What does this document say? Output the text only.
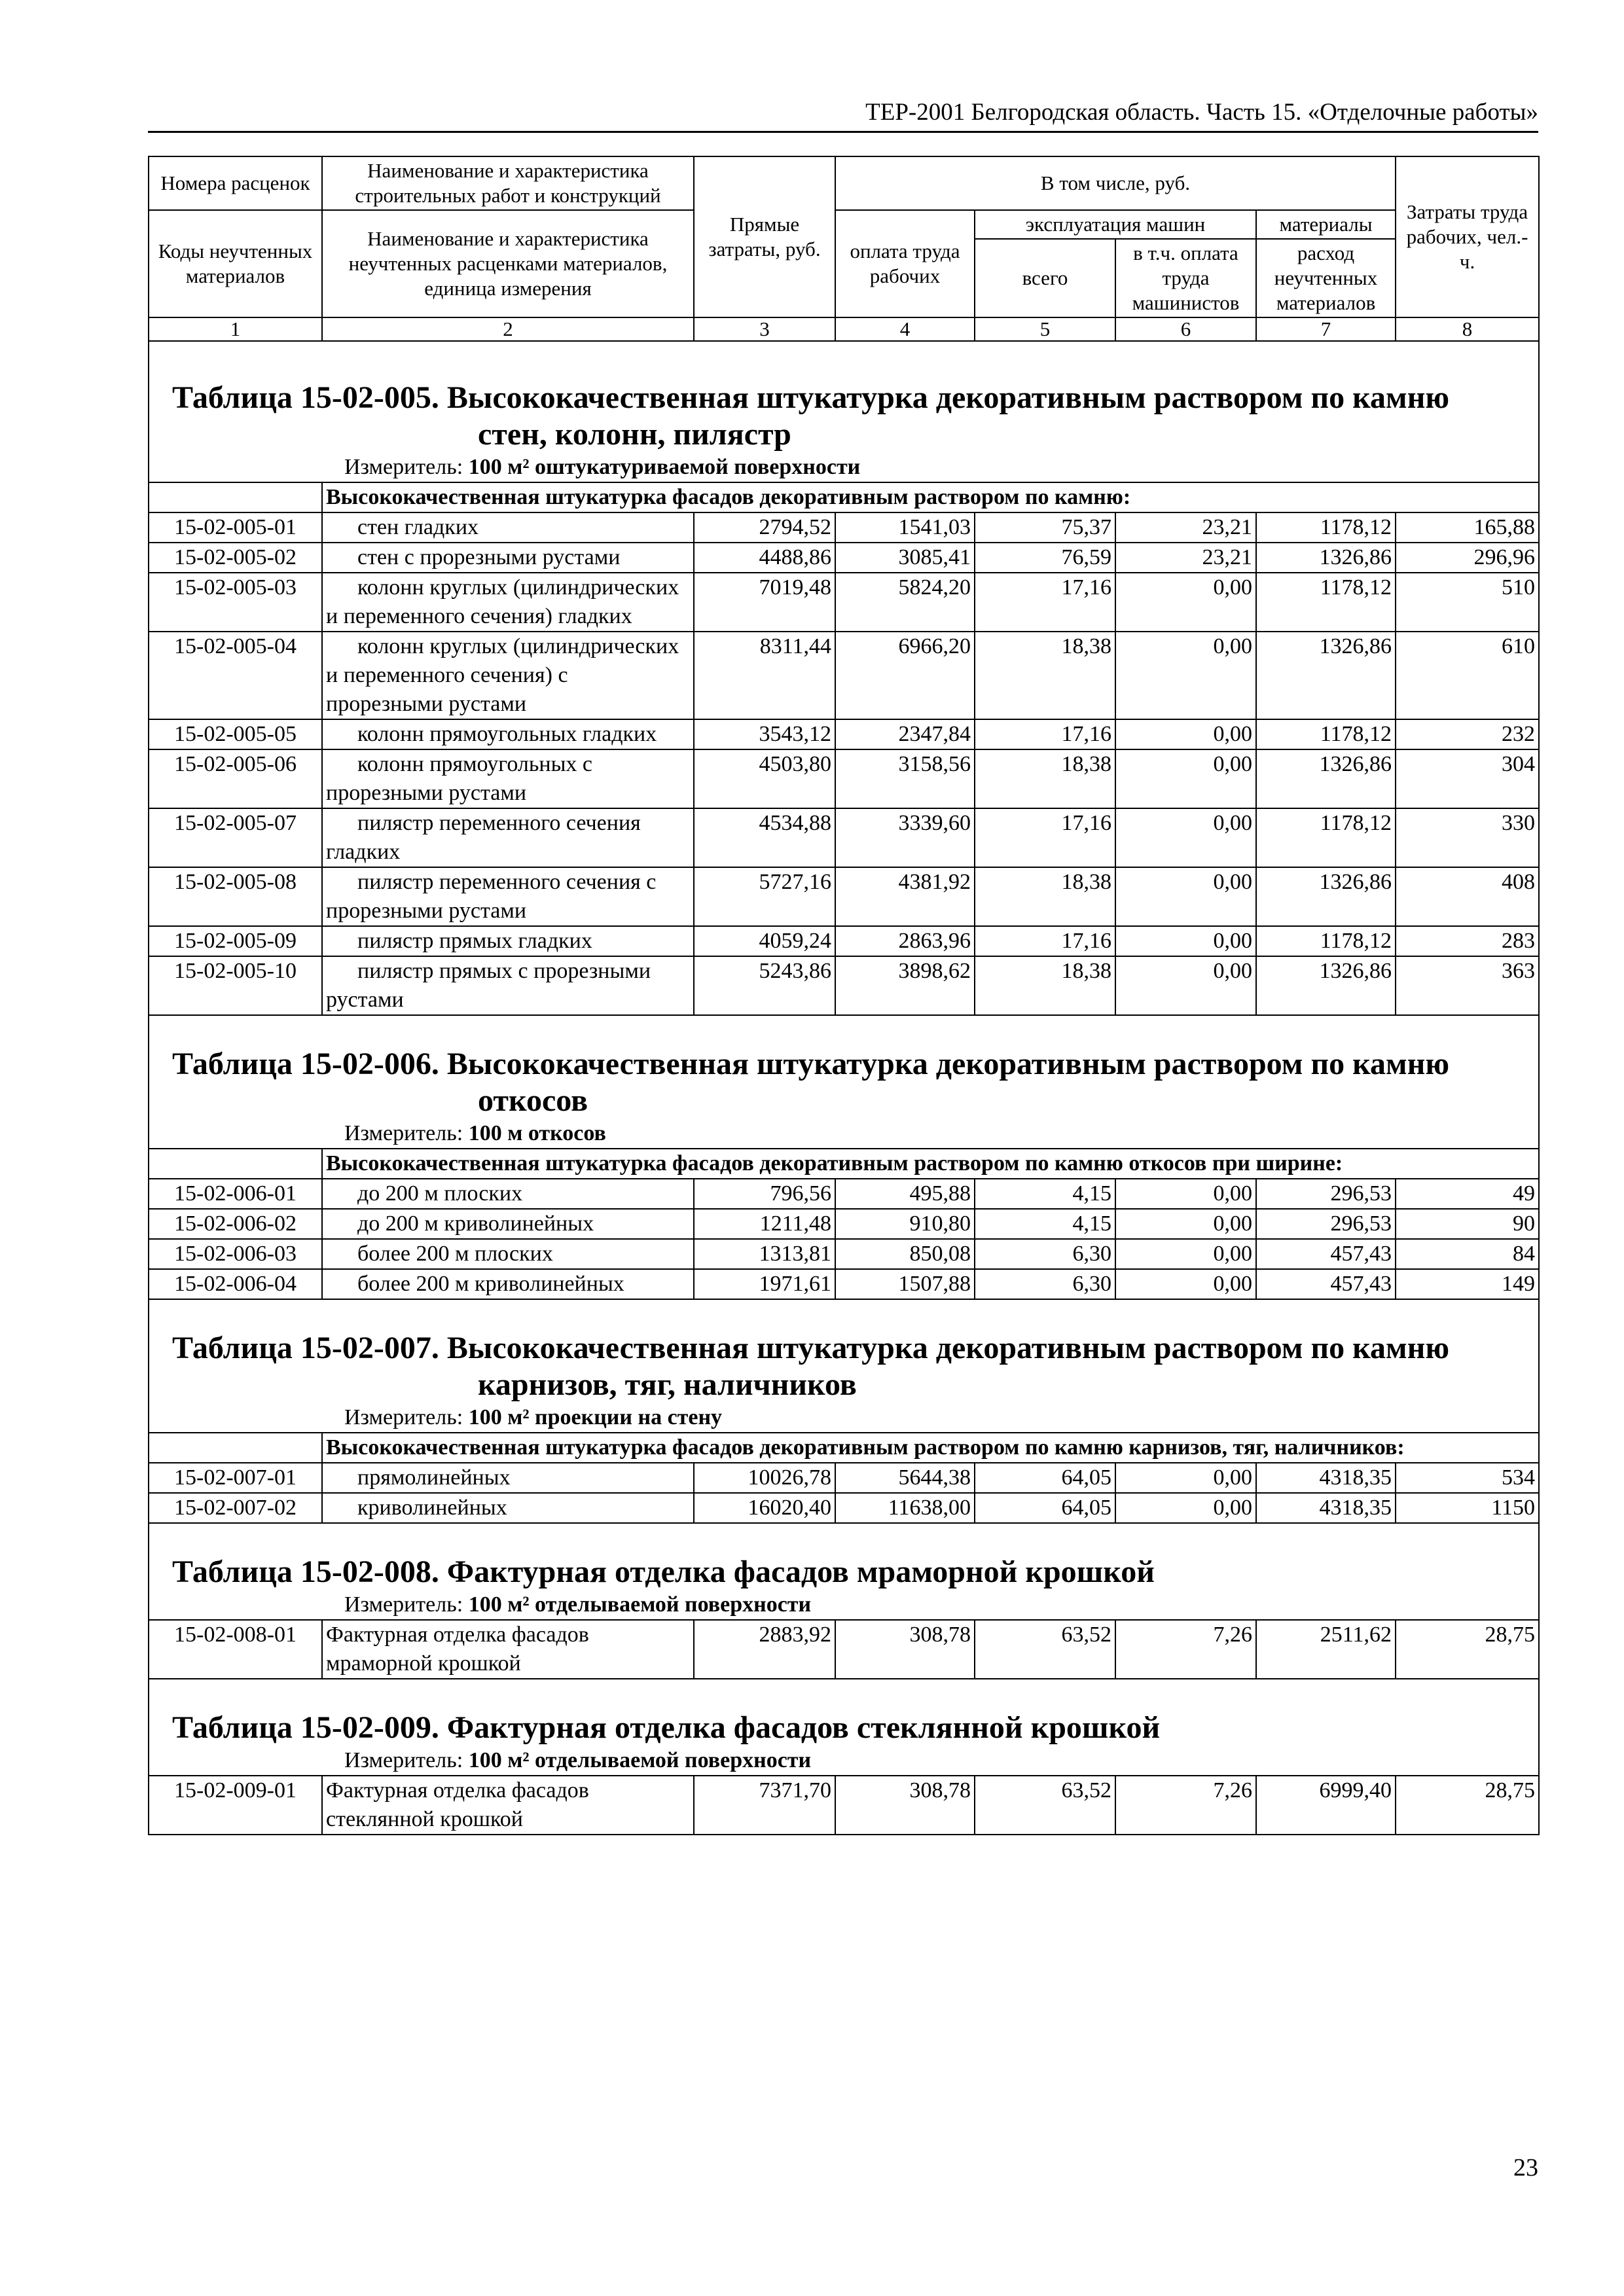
ТЕР-2001 Белгородская область. Часть 15. «Отделочные работы»
Номера расценок	Наименование и характеристика строительных работ и конструкций	Прямые затраты, руб.	В том числе, руб.				Затраты труда рабочих, чел.-ч.
Коды неучтенных материалов	Наименование и характеристика неучтенных расценками материалов, единица измерения		оплата труда рабочих	эксплуатация машин		материалы	
				всего	в т.ч. оплата труда машинистов	расход неучтенных материалов	
1	2	3	4	5	6	7	8

Таблица 15-02-005. Высококачественная штукатурка декоративным раствором по камню
стен, колонн, пилястр
Измеритель: 100 м² оштукатуриваемой поверхности							

	Высококачественная штукатурка фасадов декоративным раствором по камню:						
15-02-005-01	стен гладких	2794,52	1541,03	75,37	23,21	1178,12	165,88
15-02-005-02	стен с прорезными рустами	4488,86	3085,41	76,59	23,21	1326,86	296,96
15-02-005-03	колонн круглых (цилиндрических и переменного сечения) гладких	7019,48	5824,20	17,16	0,00	1178,12	510
15-02-005-04	колонн круглых (цилиндрических и переменного сечения) с прорезными рустами	8311,44	6966,20	18,38	0,00	1326,86	610
15-02-005-05	колонн прямоугольных гладких	3543,12	2347,84	17,16	0,00	1178,12	232
15-02-005-06	колонн прямоугольных с прорезными рустами	4503,80	3158,56	18,38	0,00	1326,86	304
15-02-005-07	пилястр переменного сечения гладких	4534,88	3339,60	17,16	0,00	1178,12	330
15-02-005-08	пилястр переменного сечения с прорезными рустами	5727,16	4381,92	18,38	0,00	1326,86	408
15-02-005-09	пилястр прямых гладких	4059,24	2863,96	17,16	0,00	1178,12	283
15-02-005-10	пилястр прямых с прорезными рустами	5243,86	3898,62	18,38	0,00	1326,86	363

Таблица 15-02-006. Высококачественная штукатурка декоративным раствором по камню
откосов
Измеритель: 100 м откосов							

	Высококачественная штукатурка фасадов декоративным раствором по камню откосов при ширине:						
15-02-006-01	до 200 м плоских	796,56	495,88	4,15	0,00	296,53	49
15-02-006-02	до 200 м криволинейных	1211,48	910,80	4,15	0,00	296,53	90
15-02-006-03	более 200 м плоских	1313,81	850,08	6,30	0,00	457,43	84
15-02-006-04	более 200 м криволинейных	1971,61	1507,88	6,30	0,00	457,43	149

Таблица 15-02-007. Высококачественная штукатурка декоративным раствором по камню
карнизов, тяг, наличников
Измеритель: 100 м² проекции на стену							

	Высококачественная штукатурка фасадов декоративным раствором по камню карнизов, тяг, наличников:						
15-02-007-01	прямолинейных	10026,78	5644,38	64,05	0,00	4318,35	534
15-02-007-02	криволинейных	16020,40	11638,00	64,05	0,00	4318,35	1150

Таблица 15-02-008. Фактурная отделка фасадов мраморной крошкой
Измеритель: 100 м² отделываемой поверхности							

15-02-008-01	Фактурная отделка фасадов мраморной крошкой	2883,92	308,78	63,52	7,26	2511,62	28,75

Таблица 15-02-009. Фактурная отделка фасадов стеклянной крошкой
Измеритель: 100 м² отделываемой поверхности							

15-02-009-01	Фактурная отделка фасадов стеклянной крошкой	7371,70	308,78	63,52	7,26	6999,40	28,75
23
